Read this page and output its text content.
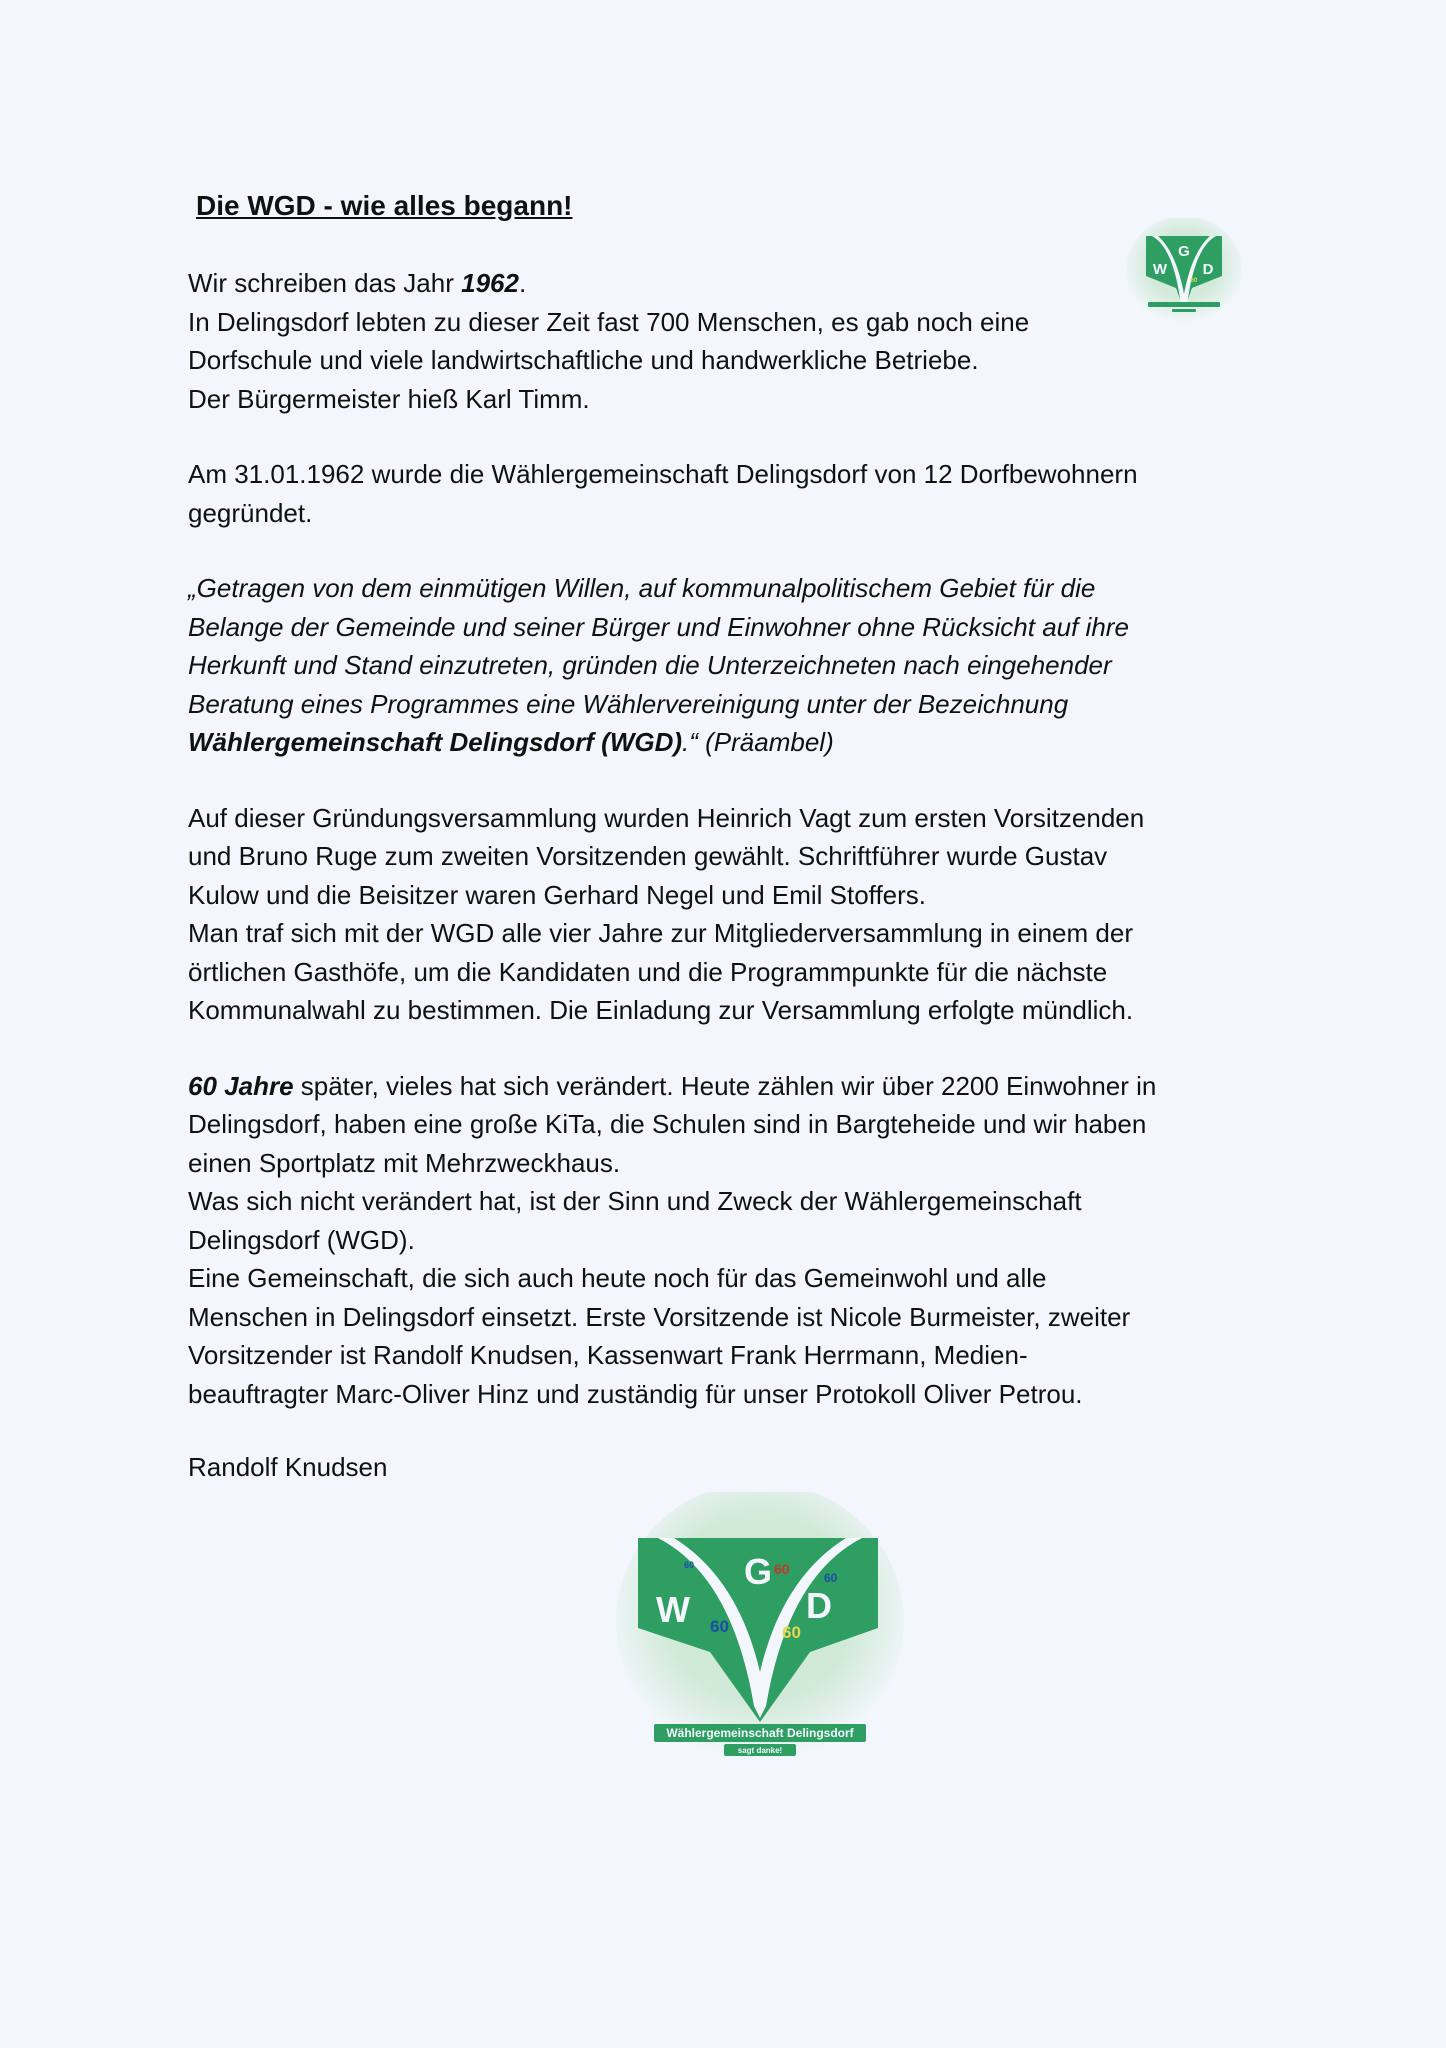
Die WGD - wie alles begann!

Wir schreiben das Jahr 1962.
In Delingsdorf lebten zu dieser Zeit fast 700 Menschen, es gab noch eine
Dorfschule und viele landwirtschaftliche und handwerkliche Betriebe.
Der Bürgermeister hieß Karl Timm.

Am 31.01.1962 wurde die Wählergemeinschaft Delingsdorf von 12 Dorfbewohnern
gegründet.

„Getragen von dem einmütigen Willen, auf kommunalpolitischem Gebiet für die
Belange der Gemeinde und seiner Bürger und Einwohner ohne Rücksicht auf ihre
Herkunft und Stand einzutreten, gründen die Unterzeichneten nach eingehender
Beratung eines Programmes eine Wählervereinigung unter der Bezeichnung
Wählergemeinschaft Delingsdorf (WGD).“ (Präambel)

Auf dieser Gründungsversammlung wurden Heinrich Vagt zum ersten Vorsitzenden
und Bruno Ruge zum zweiten Vorsitzenden gewählt. Schriftführer wurde Gustav
Kulow und die Beisitzer waren Gerhard Negel und Emil Stoffers.
Man traf sich mit der WGD alle vier Jahre zur Mitgliederversammlung in einem der
örtlichen Gasthöfe, um die Kandidaten und die Programmpunkte für die nächste
Kommunalwahl zu bestimmen. Die Einladung zur Versammlung erfolgte mündlich.

60 Jahre später, vieles hat sich verändert. Heute zählen wir über 2200 Einwohner in
Delingsdorf, haben eine große KiTa, die Schulen sind in Bargteheide und wir haben
einen Sportplatz mit Mehrzweckhaus.
Was sich nicht verändert hat, ist der Sinn und Zweck der Wählergemeinschaft
Delingsdorf (WGD).
Eine Gemeinschaft, die sich auch heute noch für das Gemeinwohl und alle
Menschen in Delingsdorf einsetzt. Erste Vorsitzende ist Nicole Burmeister, zweiter
Vorsitzender ist Randolf Knudsen, Kassenwart Frank Herrmann, Medien-
beauftragter Marc-Oliver Hinz und zuständig für unser Protokoll Oliver Petrou.

Randolf Knudsen

G
W D
60
G
W	D
60	60
60
60
60
Wählergemeinschaft Delingsdorf
sagt danke!
